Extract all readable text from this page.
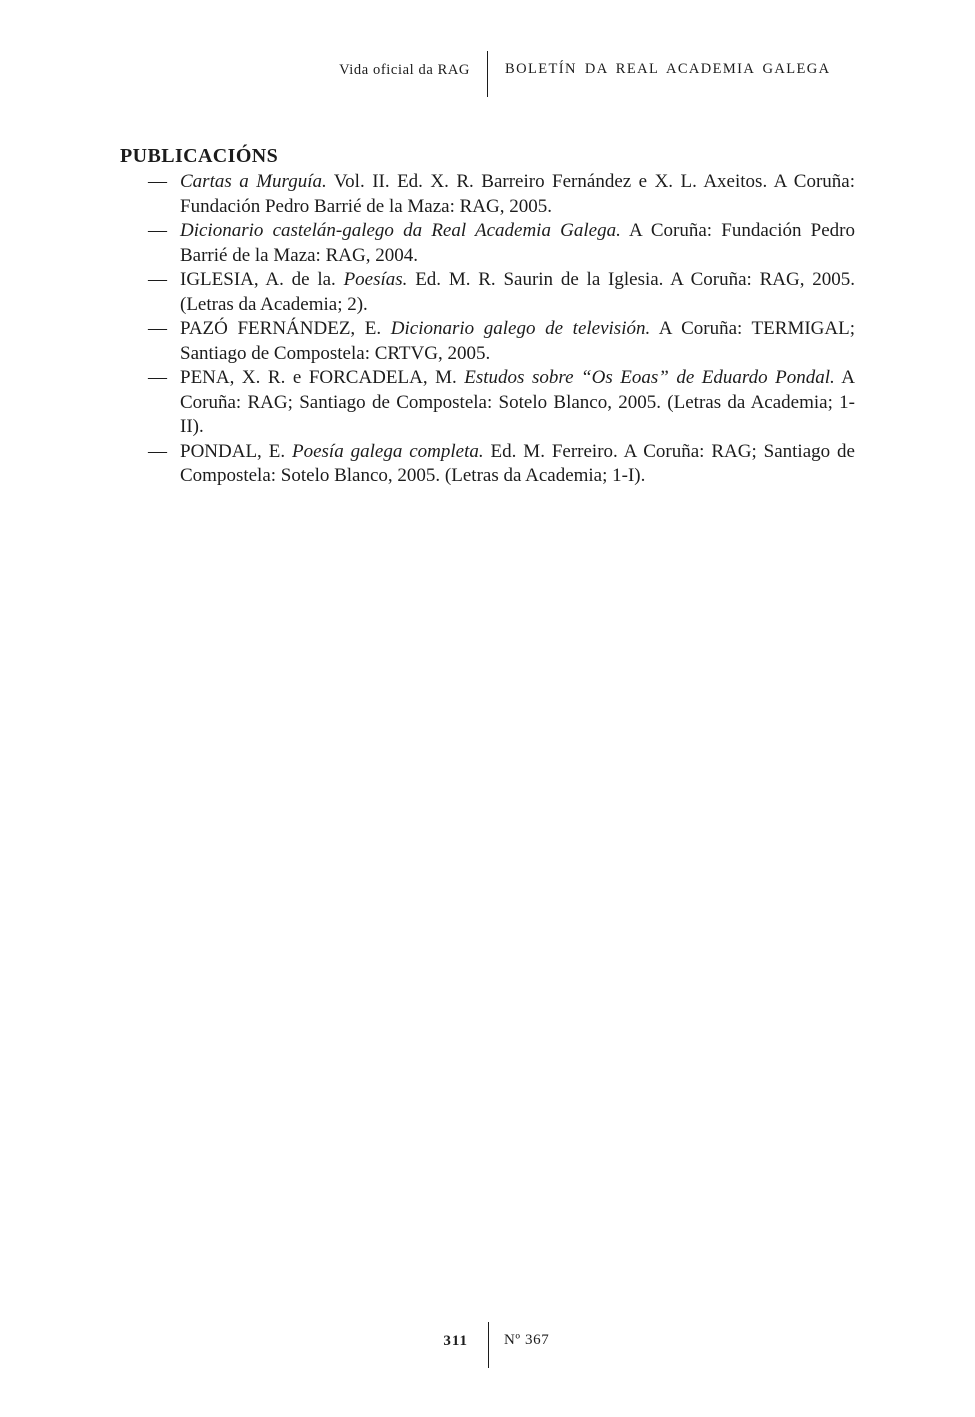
Vida oficial da RAG BOLETÍN DA REAL ACADEMIA GALEGA
PUBLICACIÓNS
— Cartas a Murguía. Vol. II. Ed. X. R. Barreiro Fernández e X. L. Axeitos. A Coruña: Fundación Pedro Barrié de la Maza: RAG, 2005.
— Dicionario castelán-galego da Real Academia Galega. A Coruña: Fundación Pedro Barrié de la Maza: RAG, 2004.
— IGLESIA, A. de la. Poesías. Ed. M. R. Saurin de la Iglesia. A Coruña: RAG, 2005. (Letras da Academia; 2).
— PAZÓ FERNÁNDEZ, E. Dicionario galego de televisión. A Coruña: TERMIGAL; Santiago de Compostela: CRTVG, 2005.
— PENA, X. R. e FORCADELA, M. Estudos sobre “Os Eoas” de Eduardo Pondal. A Coruña: RAG; Santiago de Compostela: Sotelo Blanco, 2005. (Letras da Academia; 1-II).
— PONDAL, E. Poesía galega completa. Ed. M. Ferreiro. A Coruña: RAG; Santiago de Compostela: Sotelo Blanco, 2005. (Letras da Academia; 1-I).
311 Nº 367
